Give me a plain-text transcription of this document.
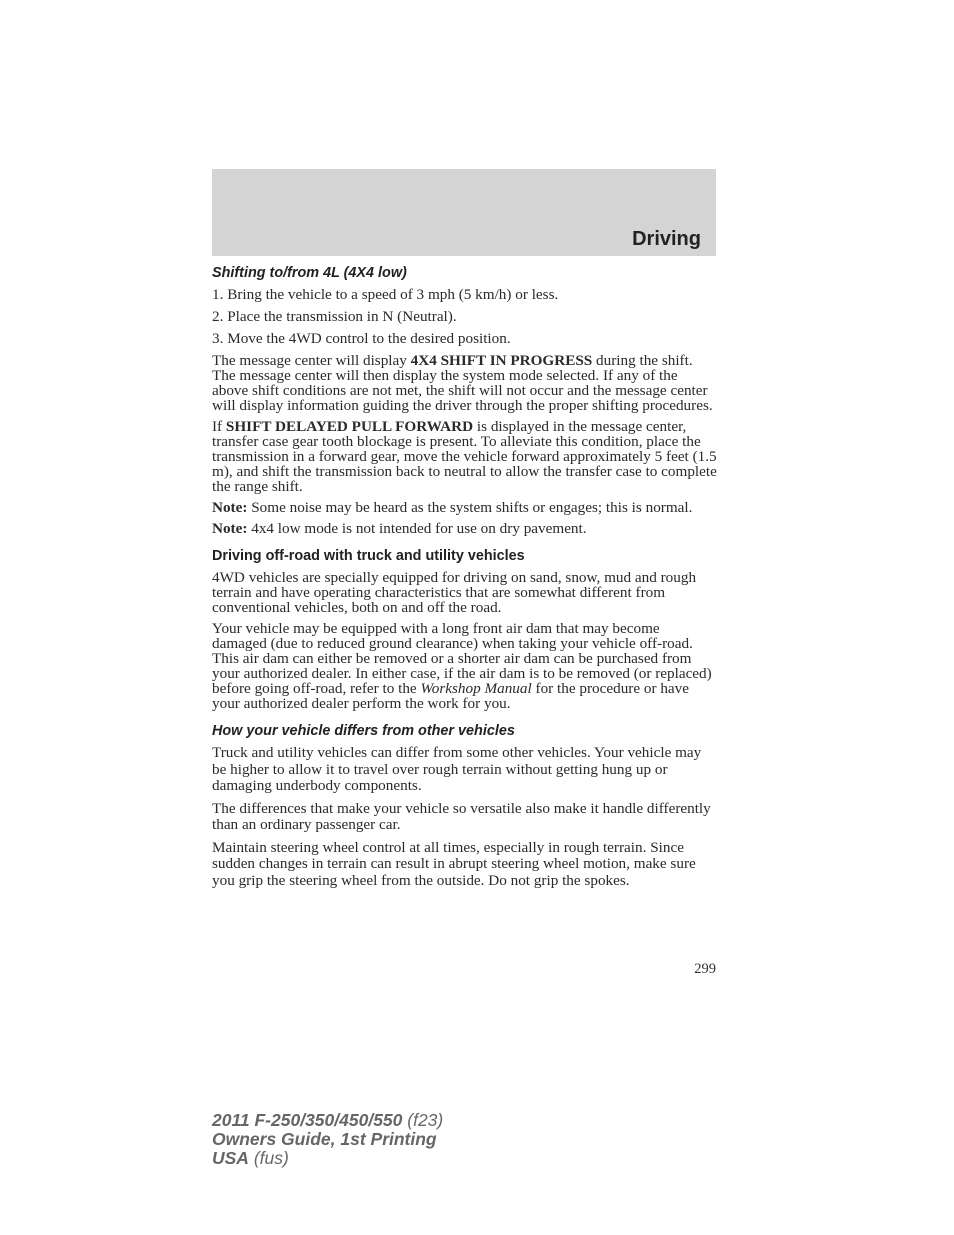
Driving
Shifting to/from 4L (4X4 low)

1. Bring the vehicle to a speed of 3 mph (5 km/h) or less.

2. Place the transmission in N (Neutral).

3. Move the 4WD control to the desired position.

The message center will display 4X4 SHIFT IN PROGRESS during the shift. The message center will then display the system mode selected. If any of the above shift conditions are not met, the shift will not occur and the message center will display information guiding the driver through the proper shifting procedures.

If SHIFT DELAYED PULL FORWARD is displayed in the message center, transfer case gear tooth blockage is present. To alleviate this condition, place the transmission in a forward gear, move the vehicle forward approximately 5 feet (1.5 m), and shift the transmission back to neutral to allow the transfer case to complete the range shift.

Note: Some noise may be heard as the system shifts or engages; this is normal.

Note: 4x4 low mode is not intended for use on dry pavement.

Driving off-road with truck and utility vehicles

4WD vehicles are specially equipped for driving on sand, snow, mud and rough terrain and have operating characteristics that are somewhat different from conventional vehicles, both on and off the road.

Your vehicle may be equipped with a long front air dam that may become damaged (due to reduced ground clearance) when taking your vehicle off-road. This air dam can either be removed or a shorter air dam can be purchased from your authorized dealer. In either case, if the air dam is to be removed (or replaced) before going off-road, refer to the Workshop Manual for the procedure or have your authorized dealer perform the work for you.

How your vehicle differs from other vehicles

Truck and utility vehicles can differ from some other vehicles. Your vehicle may be higher to allow it to travel over rough terrain without getting hung up or damaging underbody components.

The differences that make your vehicle so versatile also make it handle differently than an ordinary passenger car.

Maintain steering wheel control at all times, especially in rough terrain. Since sudden changes in terrain can result in abrupt steering wheel motion, make sure you grip the steering wheel from the outside. Do not grip the spokes.

299
2011 F-250/350/450/550 (f23)
Owners Guide, 1st Printing
USA (fus)
